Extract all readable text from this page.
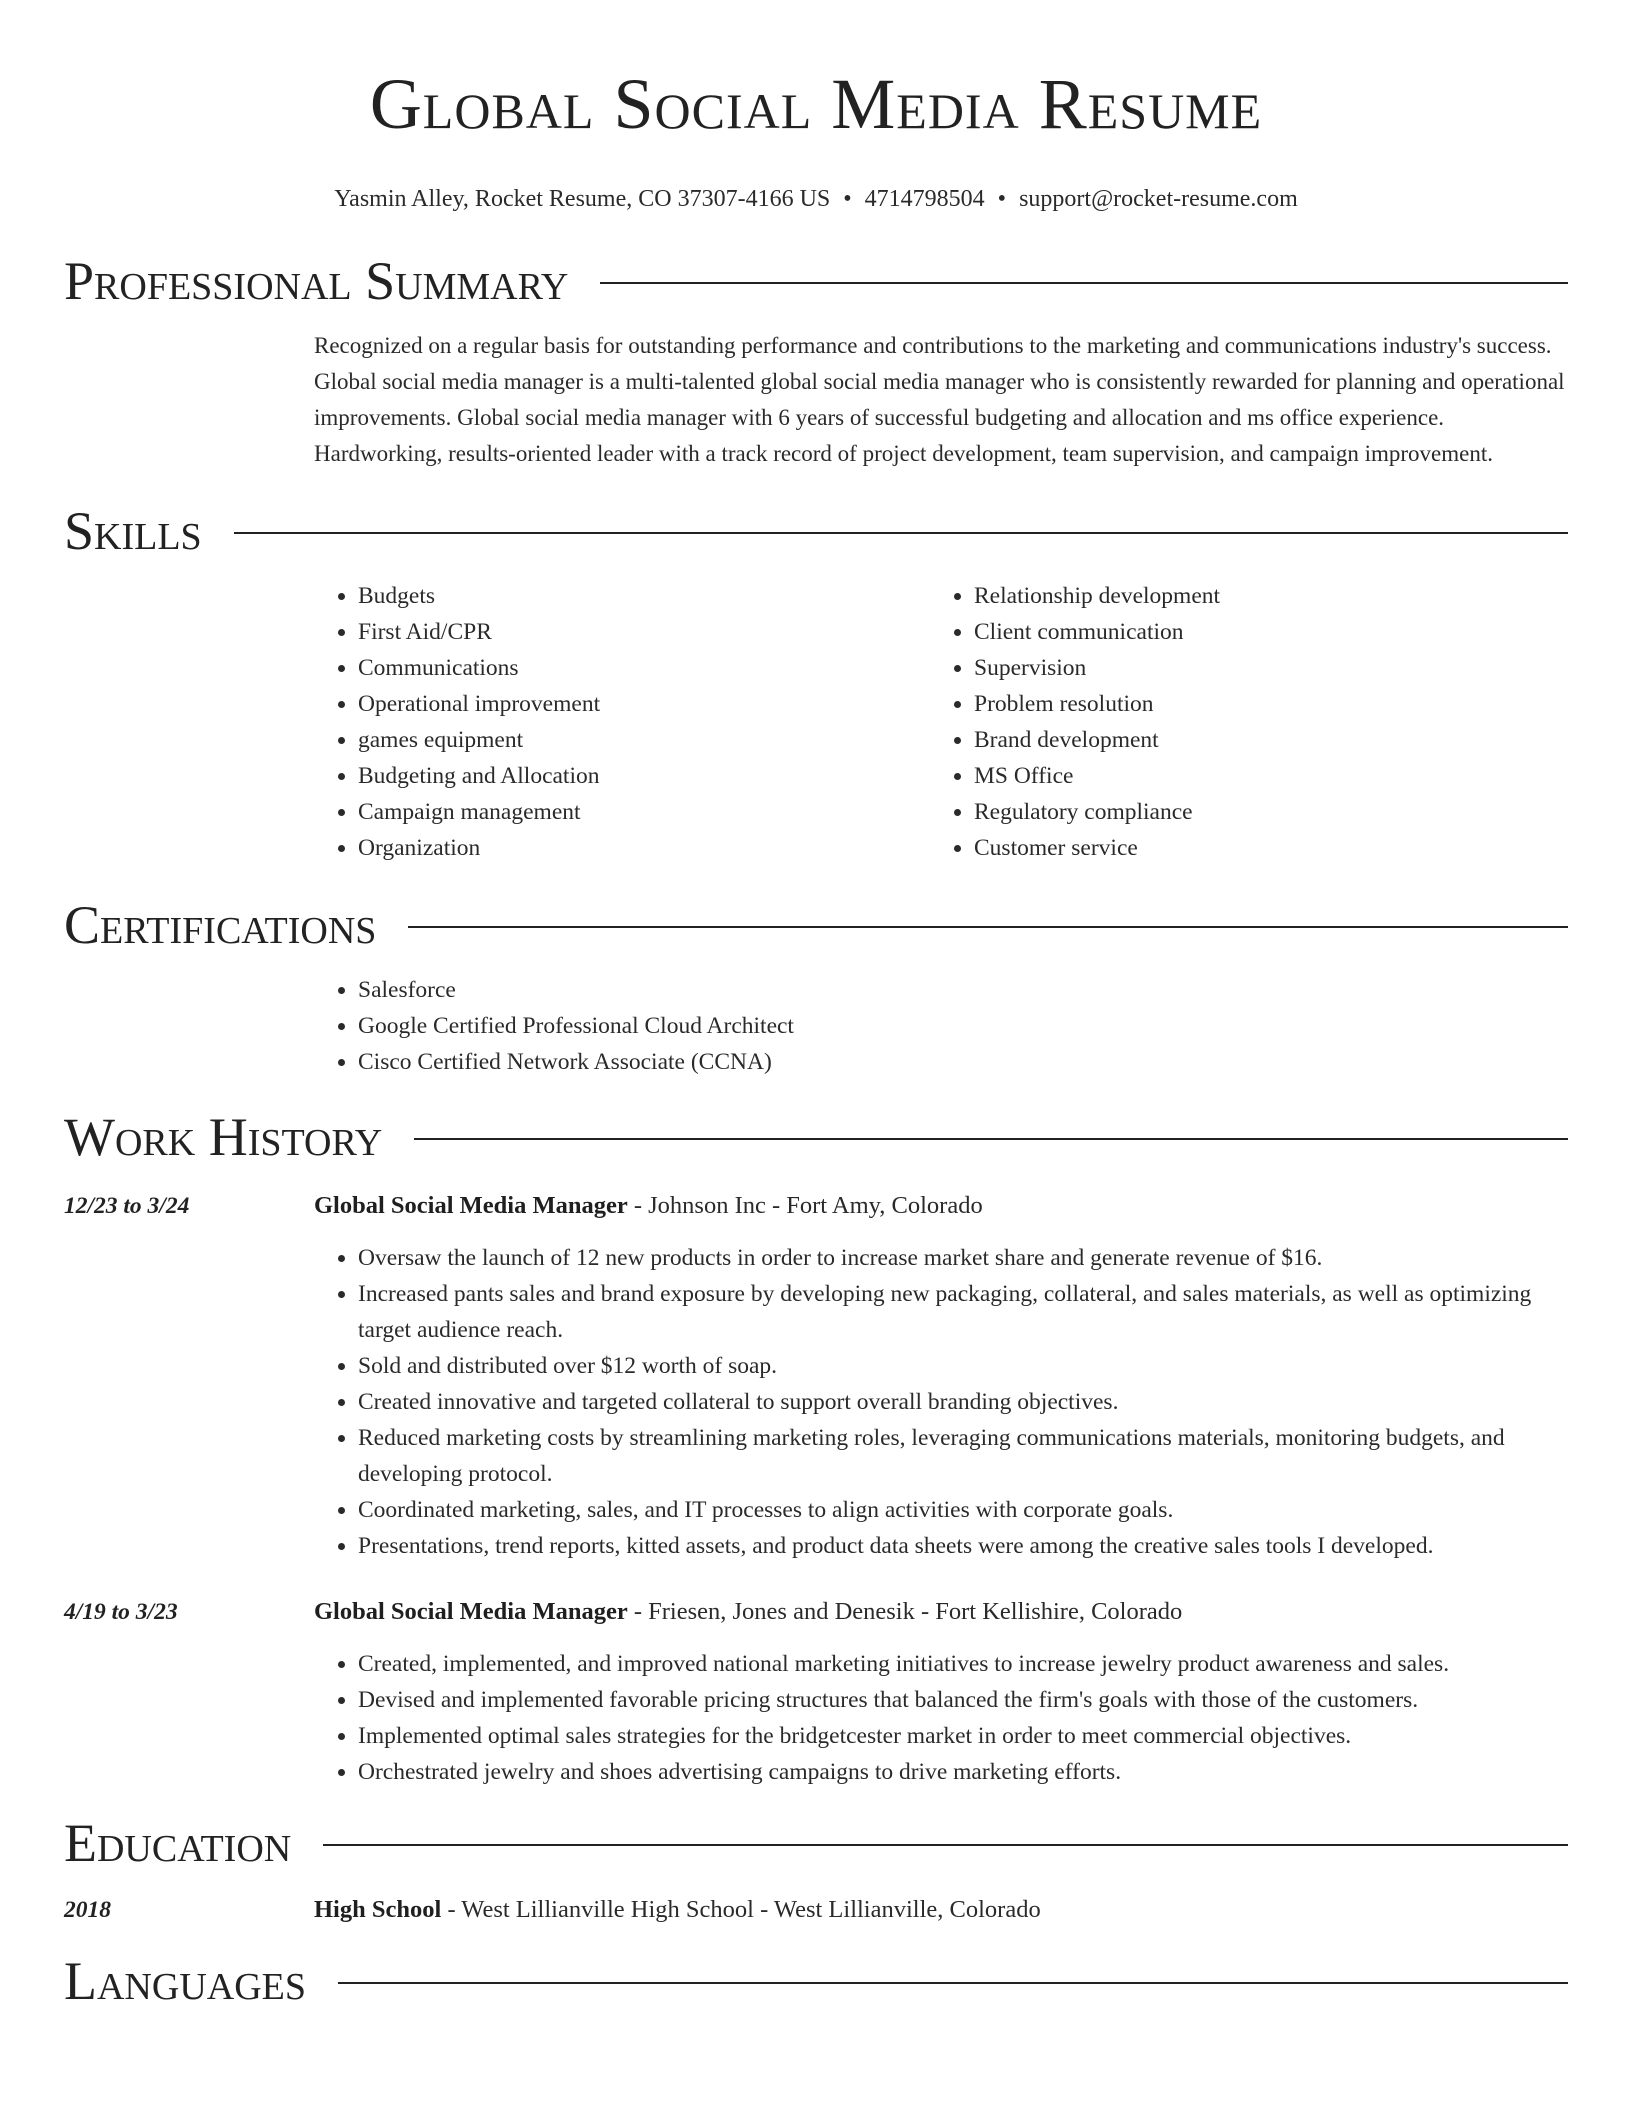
Global Social Media Resume
Yasmin Alley, Rocket Resume, CO 37307-4166 US • 4714798504 • support@rocket-resume.com
Professional Summary
Recognized on a regular basis for outstanding performance and contributions to the marketing and communications industry's success. Global social media manager is a multi-talented global social media manager who is consistently rewarded for planning and operational improvements. Global social media manager with 6 years of successful budgeting and allocation and ms office experience. Hardworking, results-oriented leader with a track record of project development, team supervision, and campaign improvement.
Skills
• Budgets
• First Aid/CPR
• Communications
• Operational improvement
• games equipment
• Budgeting and Allocation
• Campaign management
• Organization
• Relationship development
• Client communication
• Supervision
• Problem resolution
• Brand development
• MS Office
• Regulatory compliance
• Customer service
Certifications
• Salesforce
• Google Certified Professional Cloud Architect
• Cisco Certified Network Associate (CCNA)
Work History
12/23 to 3/24	Global Social Media Manager - Johnson Inc - Fort Amy, Colorado
• Oversaw the launch of 12 new products in order to increase market share and generate revenue of $16.
• Increased pants sales and brand exposure by developing new packaging, collateral, and sales materials, as well as optimizing target audience reach.
• Sold and distributed over $12 worth of soap.
• Created innovative and targeted collateral to support overall branding objectives.
• Reduced marketing costs by streamlining marketing roles, leveraging communications materials, monitoring budgets, and developing protocol.
• Coordinated marketing, sales, and IT processes to align activities with corporate goals.
• Presentations, trend reports, kitted assets, and product data sheets were among the creative sales tools I developed.
4/19 to 3/23	Global Social Media Manager - Friesen, Jones and Denesik - Fort Kellishire, Colorado
• Created, implemented, and improved national marketing initiatives to increase jewelry product awareness and sales.
• Devised and implemented favorable pricing structures that balanced the firm's goals with those of the customers.
• Implemented optimal sales strategies for the bridgetcester market in order to meet commercial objectives.
• Orchestrated jewelry and shoes advertising campaigns to drive marketing efforts.
Education
2018	High School - West Lillianville High School - West Lillianville, Colorado
Languages
